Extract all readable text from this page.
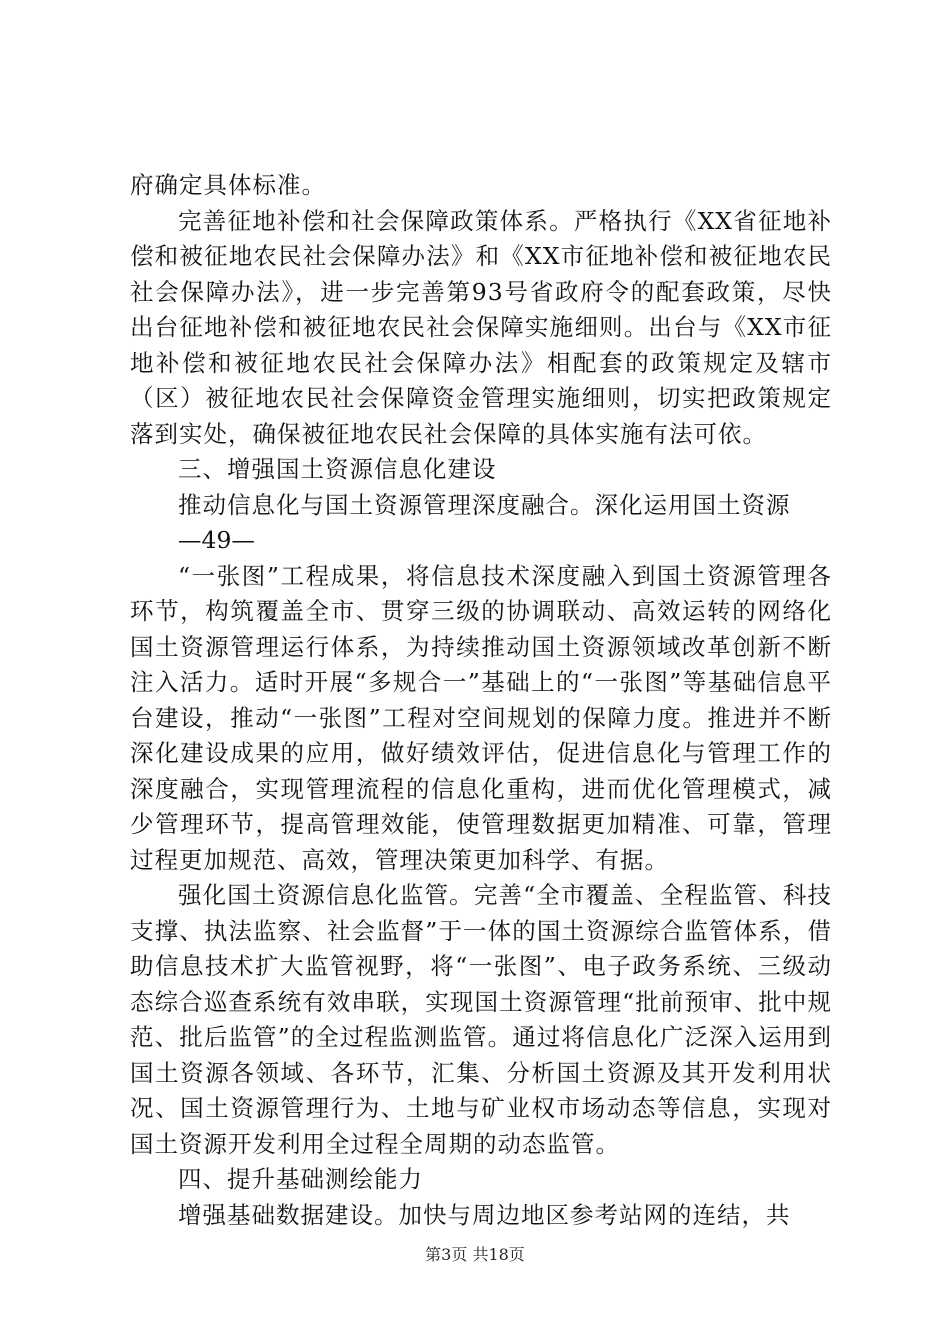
府确定具体标准。

完善征地补偿和社会保障政策体系。严格执行《XX省征地补偿和被征地农民社会保障办法》和《XX市征地补偿和被征地农民社会保障办法》，进一步完善第93号省政府令的配套政策，尽快出台征地补偿和被征地农民社会保障实施细则。出台与《XX市征地补偿和被征地农民社会保障办法》相配套的政策规定及辖市（区）被征地农民社会保障资金管理实施细则，切实把政策规定落到实处，确保被征地农民社会保障的具体实施有法可依。

三、增强国土资源信息化建设

推动信息化与国土资源管理深度融合。深化运用国土资源

—49—

“一张图”工程成果，将信息技术深度融入到国土资源管理各环节，构筑覆盖全市、贯穿三级的协调联动、高效运转的网络化国土资源管理运行体系，为持续推动国土资源领域改革创新不断注入活力。适时开展“多规合一”基础上的“一张图”等基础信息平台建设，推动“一张图”工程对空间规划的保障力度。推进并不断深化建设成果的应用，做好绩效评估，促进信息化与管理工作的深度融合，实现管理流程的信息化重构，进而优化管理模式，减少管理环节，提高管理效能，使管理数据更加精准、可靠，管理过程更加规范、高效，管理决策更加科学、有据。

强化国土资源信息化监管。完善“全市覆盖、全程监管、科技支撑、执法监察、社会监督”于一体的国土资源综合监管体系，借助信息技术扩大监管视野，将“一张图”、电子政务系统、三级动态综合巡查系统有效串联，实现国土资源管理“批前预审、批中规范、批后监管”的全过程监测监管。通过将信息化广泛深入运用到国土资源各领域、各环节，汇集、分析国土资源及其开发利用状况、国土资源管理行为、土地与矿业权市场动态等信息，实现对国土资源开发利用全过程全周期的动态监管。

四、提升基础测绘能力

增强基础数据建设。加快与周边地区参考站网的连结，共

第3页 共18页
